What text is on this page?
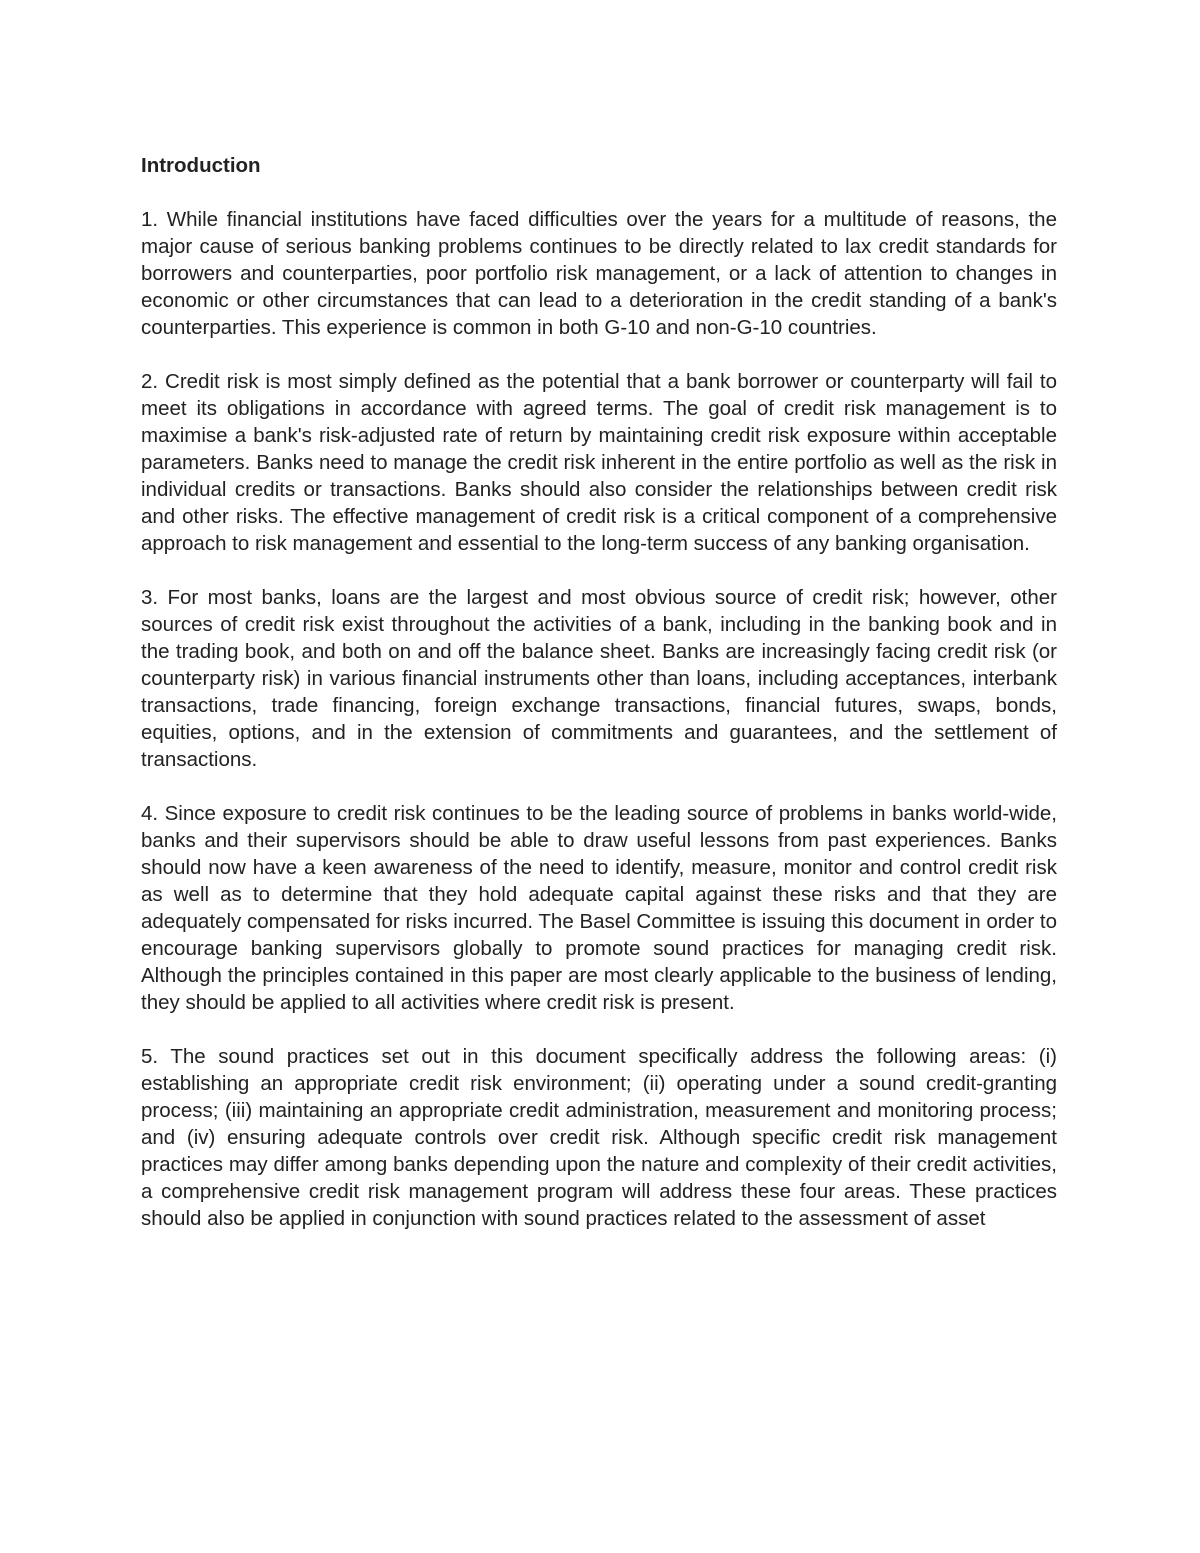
Introduction

1. While financial institutions have faced difficulties over the years for a multitude of reasons, the major cause of serious banking problems continues to be directly related to lax credit standards for borrowers and counterparties, poor portfolio risk management, or a lack of attention to changes in economic or other circumstances that can lead to a deterioration in the credit standing of a bank's counterparties. This experience is common in both G-10 and non-G-10 countries.

2. Credit risk is most simply defined as the potential that a bank borrower or counterparty will fail to meet its obligations in accordance with agreed terms. The goal of credit risk management is to maximise a bank's risk-adjusted rate of return by maintaining credit risk exposure within acceptable parameters. Banks need to manage the credit risk inherent in the entire portfolio as well as the risk in individual credits or transactions. Banks should also consider the relationships between credit risk and other risks. The effective management of credit risk is a critical component of a comprehensive approach to risk management and essential to the long-term success of any banking organisation.

3. For most banks, loans are the largest and most obvious source of credit risk; however, other sources of credit risk exist throughout the activities of a bank, including in the banking book and in the trading book, and both on and off the balance sheet. Banks are increasingly facing credit risk (or counterparty risk) in various financial instruments other than loans, including acceptances, interbank transactions, trade financing, foreign exchange transactions, financial futures, swaps, bonds, equities, options, and in the extension of commitments and guarantees, and the settlement of transactions.

4. Since exposure to credit risk continues to be the leading source of problems in banks world-wide, banks and their supervisors should be able to draw useful lessons from past experiences. Banks should now have a keen awareness of the need to identify, measure, monitor and control credit risk as well as to determine that they hold adequate capital against these risks and that they are adequately compensated for risks incurred. The Basel Committee is issuing this document in order to encourage banking supervisors globally to promote sound practices for managing credit risk. Although the principles contained in this paper are most clearly applicable to the business of lending, they should be applied to all activities where credit risk is present.

5. The sound practices set out in this document specifically address the following areas: (i) establishing an appropriate credit risk environment; (ii) operating under a sound credit-granting process; (iii) maintaining an appropriate credit administration, measurement and monitoring process; and (iv) ensuring adequate controls over credit risk. Although specific credit risk management practices may differ among banks depending upon the nature and complexity of their credit activities, a comprehensive credit risk management program will address these four areas. These practices should also be applied in conjunction with sound practices related to the assessment of asset
